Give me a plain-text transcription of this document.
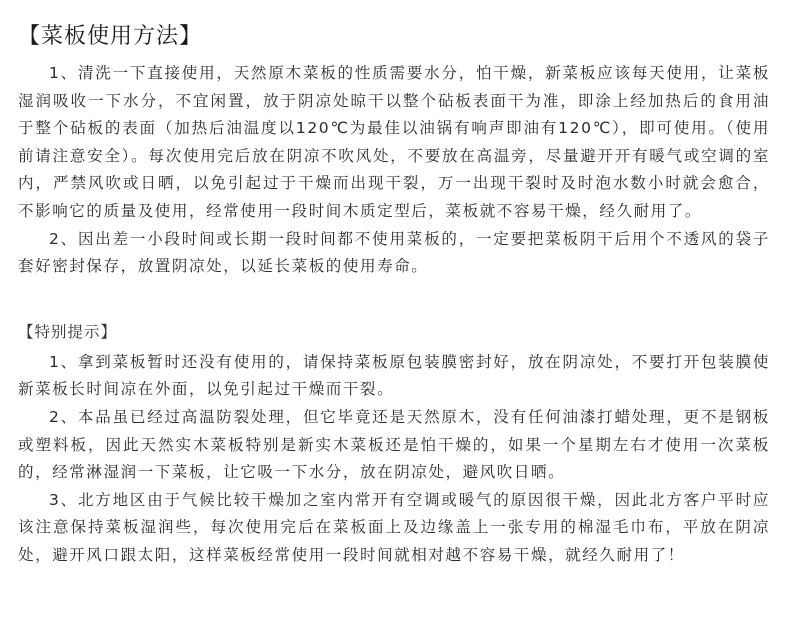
【菜板使用方法】

1、清洗一下直接使用，天然原木菜板的性质需要水分，怕干燥，新菜板应该每天使用，让菜板湿润吸收一下水分，不宜闲置，放于阴凉处晾干以整个砧板表面干为准，即涂上经加热后的食用油于整个砧板的表面（加热后油温度以120℃为最佳以油锅有响声即油有120℃），即可使用。（使用前请注意安全）。每次使用完后放在阴凉不吹风处，不要放在高温旁，尽量避开开有暖气或空调的室内，严禁风吹或日晒，以免引起过于干燥而出现干裂，万一出现干裂时及时泡水数小时就会愈合，不影响它的质量及使用，经常使用一段时间木质定型后，菜板就不容易干燥，经久耐用了。

2、因出差一小段时间或长期一段时间都不使用菜板的，一定要把菜板阴干后用个不透风的袋子套好密封保存，放置阴凉处，以延长菜板的使用寿命。

【特别提示】

1、拿到菜板暂时还没有使用的，请保持菜板原包装膜密封好，放在阴凉处，不要打开包装膜使新菜板长时间凉在外面，以免引起过干燥而干裂。

2、本品虽已经过高温防裂处理，但它毕竟还是天然原木，没有任何油漆打蜡处理，更不是钢板或塑料板，因此天然实木菜板特别是新实木菜板还是怕干燥的，如果一个星期左右才使用一次菜板的，经常淋湿润一下菜板，让它吸一下水分，放在阴凉处，避风吹日晒。

3、北方地区由于气候比较干燥加之室内常开有空调或暖气的原因很干燥，因此北方客户平时应该注意保持菜板湿润些，每次使用完后在菜板面上及边缘盖上一张专用的棉湿毛巾布，平放在阴凉处，避开风口跟太阳，这样菜板经常使用一段时间就相对越不容易干燥，就经久耐用了！
